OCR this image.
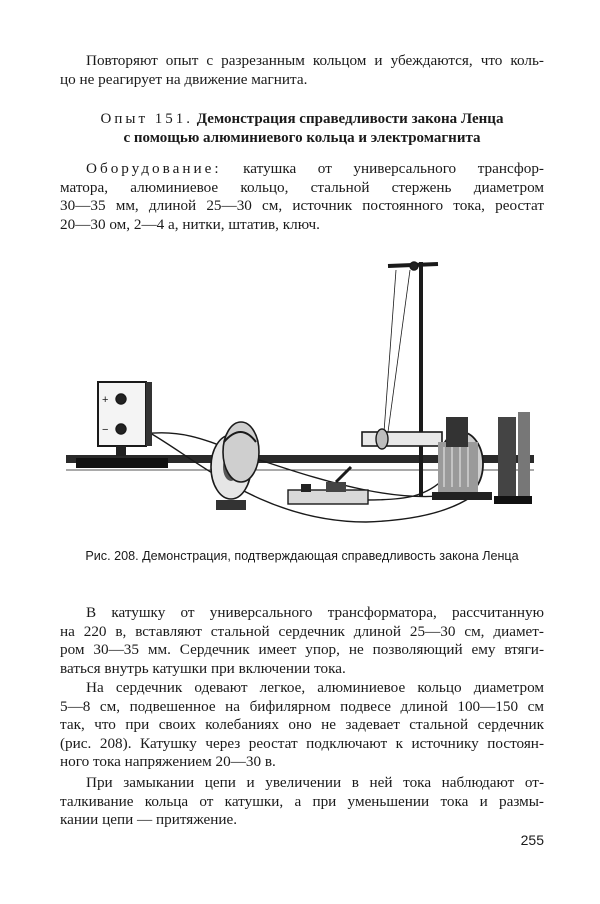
Повторяют опыт с разрезанным кольцом и убеждаются, что коль-
цо не реагирует на движение магнита.

Опыт 151. Демонстрация справедливости закона Ленца

с помощью алюминиевого кольца и электромагнита

Оборудование: катушка от универсального трансфор-
матора, алюминиевое кольцо, стальной стержень диаметром
30—35 мм, длиной 25—30 см, источник постоянного тока, реостат
20—30 ом, 2—4 а, нитки, штатив, ключ.

+
−

Рис. 208. Демонстрация, подтверждающая справедливость закона Ленца

В катушку от универсального трансформатора, рассчитанную
на 220 в, вставляют стальной сердечник длиной 25—30 см, диамет-
ром 30—35 мм. Сердечник имеет упор, не позволяющий ему втяги-
ваться внутрь катушки при включении тока.

На сердечник одевают легкое, алюминиевое кольцо диаметром
5—8 см, подвешенное на бифилярном подвесе длиной 100—150 см
так, что при своих колебаниях оно не задевает стальной сердечник
(рис. 208). Катушку через реостат подключают к источнику постоян-
ного тока напряжением 20—30 в.

При замыкании цепи и увеличении в ней тока наблюдают от-
талкивание кольца от катушки, а при уменьшении тока и размы-
кании цепи — притяжение.

255
